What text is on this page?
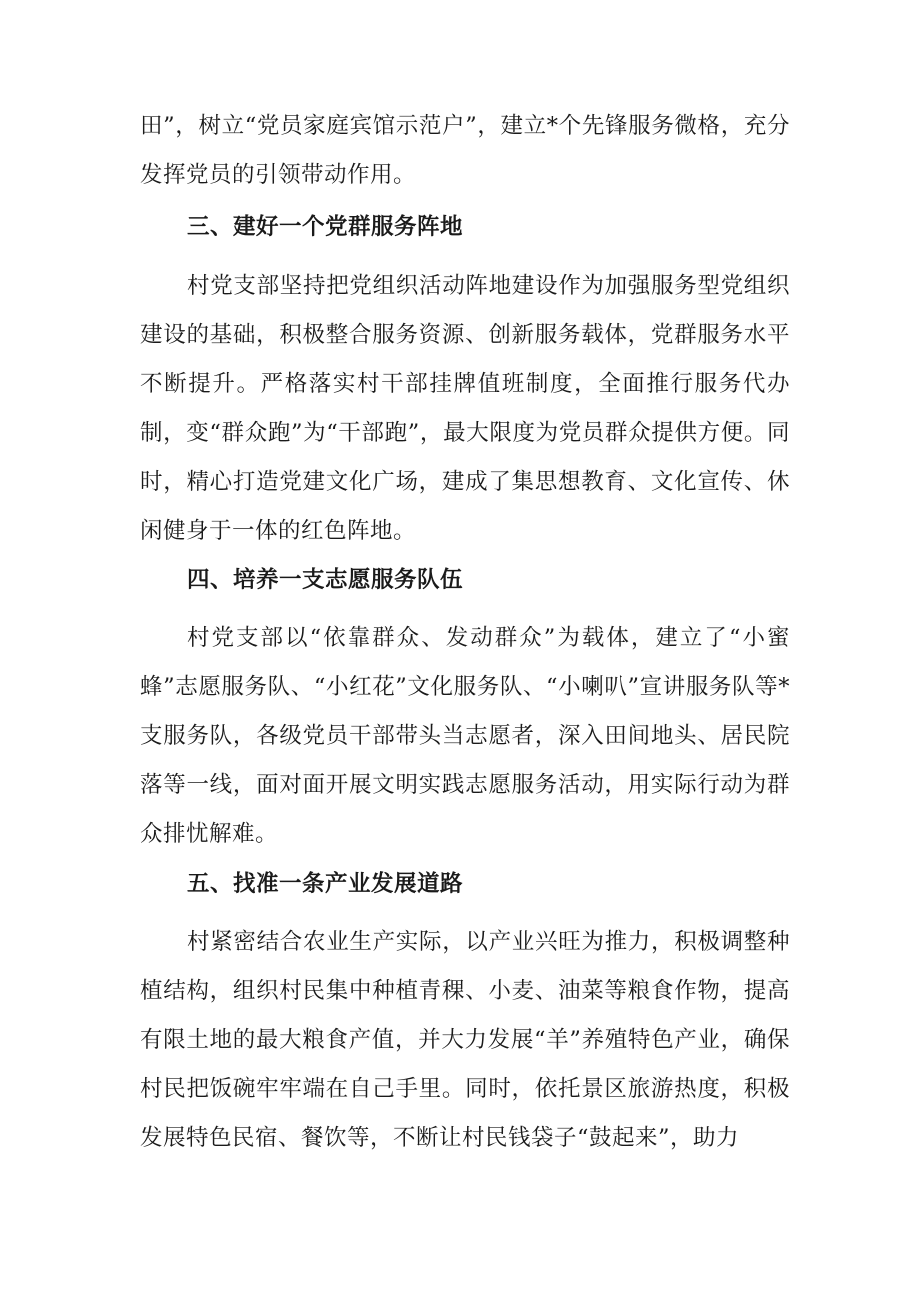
田”，树立“党员家庭宾馆示范户”，建立*个先锋服务微格，充分发挥党员的引领带动作用。

三、建好一个党群服务阵地

村党支部坚持把党组织活动阵地建设作为加强服务型党组织建设的基础，积极整合服务资源、创新服务载体，党群服务水平不断提升。严格落实村干部挂牌值班制度，全面推行服务代办制，变“群众跑”为“干部跑”，最大限度为党员群众提供方便。同时，精心打造党建文化广场，建成了集思想教育、文化宣传、休闲健身于一体的红色阵地。

四、培养一支志愿服务队伍

村党支部以“依靠群众、发动群众”为载体，建立了“小蜜蜂”志愿服务队、“小红花”文化服务队、“小喇叭”宣讲服务队等*支服务队，各级党员干部带头当志愿者，深入田间地头、居民院落等一线，面对面开展文明实践志愿服务活动，用实际行动为群众排忧解难。

五、找准一条产业发展道路

村紧密结合农业生产实际，以产业兴旺为推力，积极调整种植结构，组织村民集中种植青稞、小麦、油菜等粮食作物，提高有限土地的最大粮食产值，并大力发展“羊”养殖特色产业，确保村民把饭碗牢牢端在自己手里。同时，依托景区旅游热度，积极发展特色民宿、餐饮等，不断让村民钱袋子“鼓起来”，助力
